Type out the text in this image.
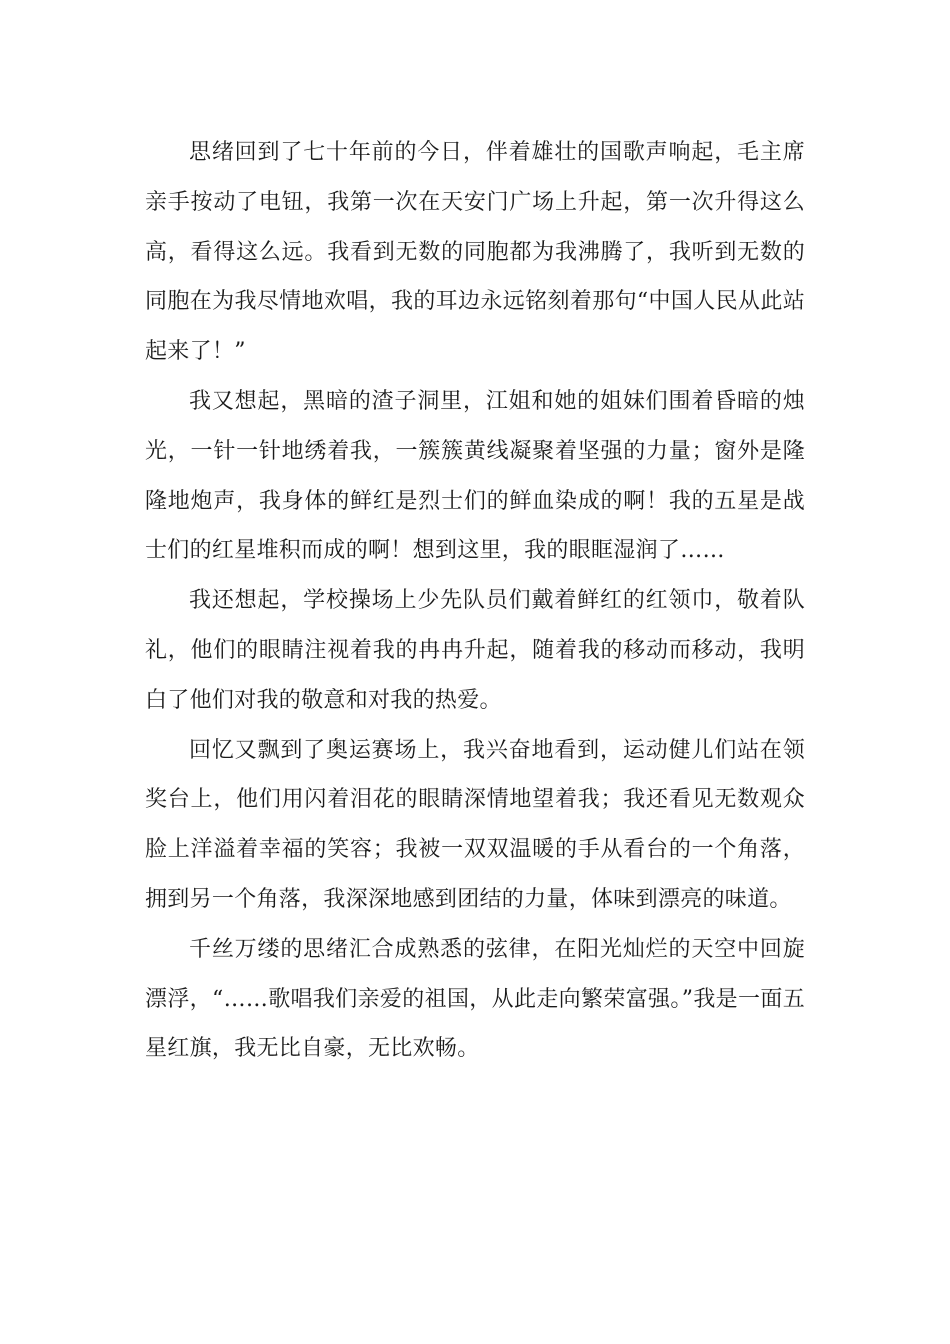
思绪回到了七十年前的今日，伴着雄壮的国歌声响起，毛主席亲手按动了电钮，我第一次在天安门广场上升起，第一次升得这么高，看得这么远。我看到无数的同胞都为我沸腾了，我听到无数的同胞在为我尽情地欢唱，我的耳边永远铭刻着那句“中国人民从此站起来了！”

我又想起，黑暗的渣子洞里，江姐和她的姐妹们围着昏暗的烛光，一针一针地绣着我，一簇簇黄线凝聚着坚强的力量；窗外是隆隆地炮声，我身体的鲜红是烈士们的鲜血染成的啊！我的五星是战士们的红星堆积而成的啊！想到这里，我的眼眶湿润了……

我还想起，学校操场上少先队员们戴着鲜红的红领巾，敬着队礼，他们的眼睛注视着我的冉冉升起，随着我的移动而移动，我明白了他们对我的敬意和对我的热爱。

回忆又飘到了奥运赛场上，我兴奋地看到，运动健儿们站在领奖台上，他们用闪着泪花的眼睛深情地望着我；我还看见无数观众脸上洋溢着幸福的笑容；我被一双双温暖的手从看台的一个角落，拥到另一个角落，我深深地感到团结的力量，体味到漂亮的味道。

千丝万缕的思绪汇合成熟悉的弦律，在阳光灿烂的天空中回旋漂浮，“……歌唱我们亲爱的祖国，从此走向繁荣富强。”我是一面五星红旗，我无比自豪，无比欢畅。
